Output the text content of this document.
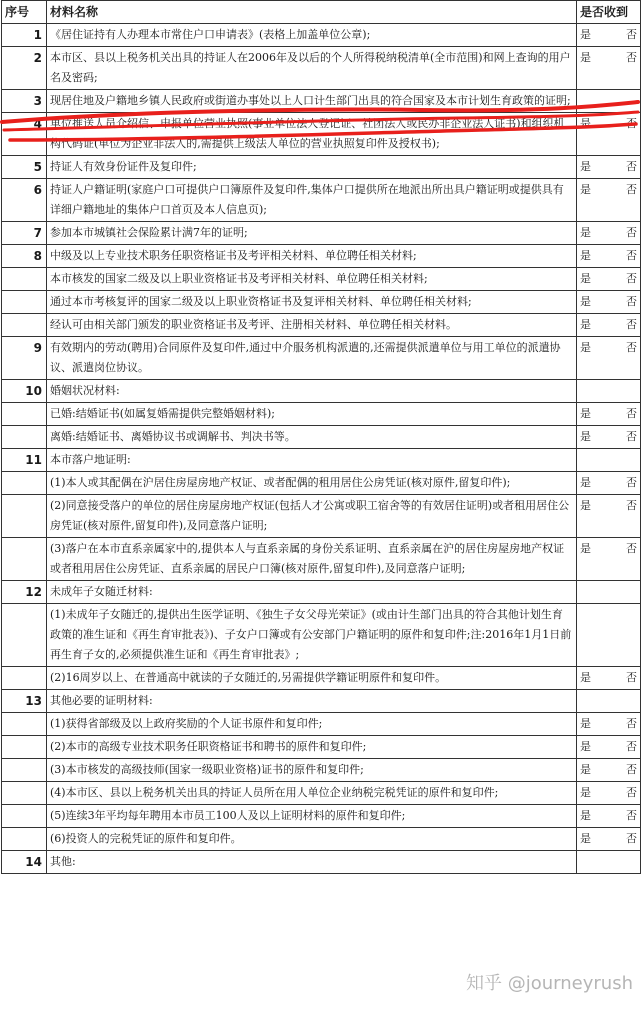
序号	材料名称	是否收到
1	《居住证持有人办理本市常住户口申请表》(表格上加盖单位公章);	是 否

2	本市区、县以上税务机关出具的持证人在2006年及以后的个人所得税纳税清单(全市范围)和网上查询的用户名及密码;	是 否

3	现居住地及户籍地乡镇人民政府或街道办事处以上人口计生部门出具的符合国家及本市计划生育政策的证明;	
4	单位推送人员介绍信、申报单位营业执照(事业单位法人登记证、社团法人或民办非企业法人证书)和组织机构代码证(单位为企业非法人的,需提供上级法人单位的营业执照复印件及授权书);	是 否

5	持证人有效身份证件及复印件;	是 否

6	持证人户籍证明(家庭户口可提供户口簿原件及复印件,集体户口提供所在地派出所出具户籍证明或提供具有详细户籍地址的集体户口首页及本人信息页);	是 否

7	参加本市城镇社会保险累计满7年的证明;	是 否

8	中级及以上专业技术职务任职资格证书及考评相关材料、单位聘任相关材料;	是 否

	本市核发的国家二级及以上职业资格证书及考评相关材料、单位聘任相关材料;	是 否

	通过本市考核复评的国家二级及以上职业资格证书及复评相关材料、单位聘任相关材料;	是 否

	经认可由相关部门颁发的职业资格证书及考评、注册相关材料、单位聘任相关材料。	是 否

9	有效期内的劳动(聘用)合同原件及复印件,通过中介服务机构派遣的,还需提供派遣单位与用工单位的派遣协议、派遣岗位协议。	是 否

10	婚姻状况材料:	
	已婚:结婚证书(如属复婚需提供完整婚姻材料);	是 否

	离婚:结婚证书、离婚协议书或调解书、判决书等。	是 否

11	本市落户地证明:	
	(1)本人或其配偶在沪居住房屋房地产权证、或者配偶的租用居住公房凭证(核对原件,留复印件);	是 否

	(2)同意接受落户的单位的居住房屋房地产权证(包括人才公寓或职工宿舍等的有效居住证明)或者租用居住公房凭证(核对原件,留复印件),及同意落户证明;	是 否

	(3)落户在本市直系亲属家中的,提供本人与直系亲属的身份关系证明、直系亲属在沪的居住房屋房地产权证或者租用居住公房凭证、直系亲属的居民户口簿(核对原件,留复印件),及同意落户证明;	是 否

12	未成年子女随迁材料:	
	(1)未成年子女随迁的,提供出生医学证明、《独生子女父母光荣证》(或由计生部门出具的符合其他计划生育政策的准生证和《再生育审批表》)、子女户口簿或有公安部门户籍证明的原件和复印件;注:2016年1月1日前再生育子女的,必须提供准生证和《再生育审批表》;	
	(2)16周岁以上、在普通高中就读的子女随迁的,另需提供学籍证明原件和复印件。	是 否

13	其他必要的证明材料:	
	(1)获得省部级及以上政府奖励的个人证书原件和复印件;	是 否

	(2)本市的高级专业技术职务任职资格证书和聘书的原件和复印件;	是 否

	(3)本市核发的高级技师(国家一级职业资格)证书的原件和复印件;	是 否

	(4)本市区、县以上税务机关出具的持证人员所在用人单位企业纳税完税凭证的原件和复印件;	是 否

	(5)连续3年平均每年聘用本市员工100人及以上证明材料的原件和复印件;	是 否

	(6)投资人的完税凭证的原件和复印件。	是 否

14	其他:	
知乎 @journeyrush
